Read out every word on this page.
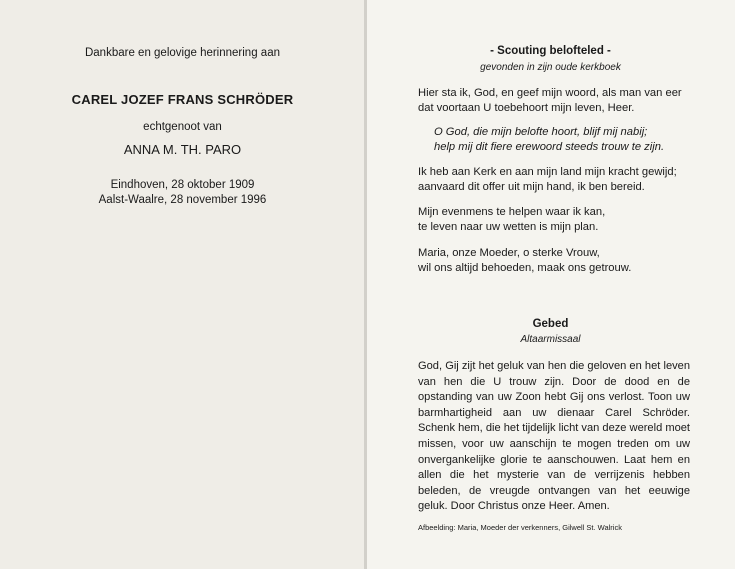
Dankbare en gelovige herinnering aan
CAREL JOZEF FRANS SCHRÖDER
echtgenoot van
ANNA M. TH. PARO
Eindhoven, 28 oktober 1909
Aalst-Waalre, 28 november 1996
- Scouting belofteled -
gevonden in zijn oude kerkboek
Hier sta ik, God, en geef mijn woord, als man van eer
dat voortaan U toebehoort mijn leven, Heer.
O God, die mijn belofte hoort, blijf mij nabij;
help mij dit fiere erewoord steeds trouw te zijn.
Ik heb aan Kerk en aan mijn land mijn kracht gewijd;
aanvaard dit offer uit mijn hand, ik ben bereid.
Mijn evenmens te helpen waar ik kan,
te leven naar uw wetten is mijn plan.
Maria, onze Moeder, o sterke Vrouw,
wil ons altijd behoeden, maak ons getrouw.
Gebed
Altaarmissaal
God, Gij zijt het geluk van hen die geloven en het leven van hen die U trouw zijn. Door de dood en de opstanding van uw Zoon hebt Gij ons verlost. Toon uw barmhartigheid aan uw dienaar Carel Schröder. Schenk hem, die het tijdelijk licht van deze wereld moet missen, voor uw aanschijn te mogen treden om uw onvergankelijke glorie te aanschouwen. Laat hem en allen die het mysterie van de verrijzenis hebben beleden, de vreugde ontvangen van het eeuwige geluk. Door Christus onze Heer. Amen.
Afbeelding: Maria, Moeder der verkenners, Gilwell St. Walrick
